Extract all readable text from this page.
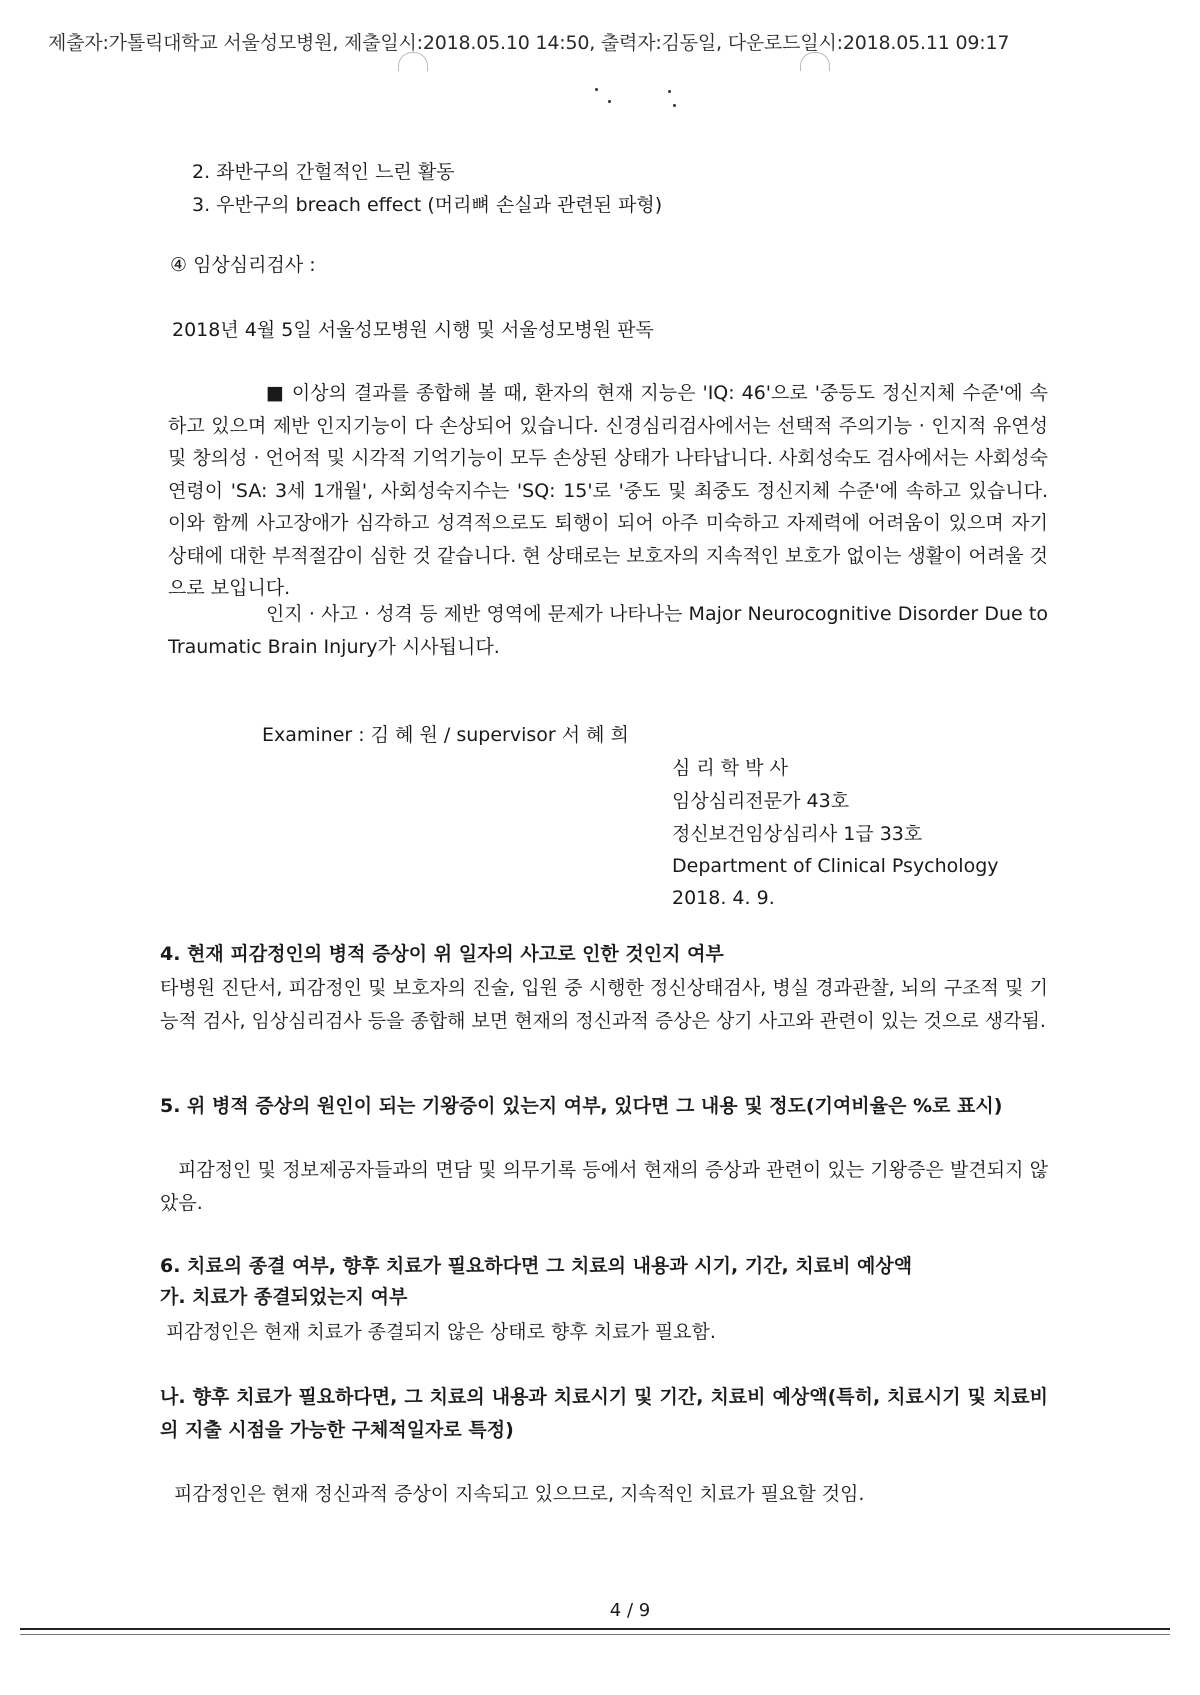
제출자:가톨릭대학교 서울성모병원, 제출일시:2018.05.10 14:50, 출력자:김동일, 다운로드일시:2018.05.11 09:17
2. 좌반구의 간헐적인 느린 활동
3. 우반구의 breach effect (머리뼈 손실과 관련된 파형)
④ 임상심리검사 :
2018년 4월 5일 서울성모병원 시행 및 서울성모병원 판독
■ 이상의 결과를 종합해 볼 때, 환자의 현재 지능은 'IQ: 46'으로 '중등도 정신지체 수준'에 속하고 있으며 제반 인지기능이 다 손상되어 있습니다. 신경심리검사에서는 선택적 주의기능 · 인지적 유연성 및 창의성 · 언어적 및 시각적 기억기능이 모두 손상된 상태가 나타납니다. 사회성숙도 검사에서는 사회성숙연령이 'SA: 3세 1개월', 사회성숙지수는 'SQ: 15'로 '중도 및 최중도 정신지체 수준'에 속하고 있습니다. 이와 함께 사고장애가 심각하고 성격적으로도 퇴행이 되어 아주 미숙하고 자제력에 어려움이 있으며 자기 상태에 대한 부적절감이 심한 것 같습니다. 현 상태로는 보호자의 지속적인 보호가 없이는 생활이 어려울 것으로 보입니다.
인지 · 사고 · 성격 등 제반 영역에 문제가 나타나는 Major Neurocognitive Disorder Due to Traumatic Brain Injury가 시사됩니다.
Examiner : 김 혜 원 / supervisor 서 혜 희
심 리 학 박 사
임상심리전문가 43호
정신보건임상심리사 1급 33호
Department of Clinical Psychology
2018. 4. 9.
4. 현재 피감정인의 병적 증상이 위 일자의 사고로 인한 것인지 여부
타병원 진단서, 피감정인 및 보호자의 진술, 입원 중 시행한 정신상태검사, 병실 경과관찰, 뇌의 구조적 및 기능적 검사, 임상심리검사 등을 종합해 보면 현재의 정신과적 증상은 상기 사고와 관련이 있는 것으로 생각됨.
5. 위 병적 증상의 원인이 되는 기왕증이 있는지 여부, 있다면 그 내용 및 정도(기여비율은 %로 표시)
피감정인 및 정보제공자들과의 면담 및 의무기록 등에서 현재의 증상과 관련이 있는 기왕증은 발견되지 않았음.
6. 치료의 종결 여부, 향후 치료가 필요하다면 그 치료의 내용과 시기, 기간, 치료비 예상액
가. 치료가 종결되었는지 여부
피감정인은 현재 치료가 종결되지 않은 상태로 향후 치료가 필요함.
나. 향후 치료가 필요하다면, 그 치료의 내용과 치료시기 및 기간, 치료비 예상액(특히, 치료시기 및 치료비의 지출 시점을 가능한 구체적일자로 특정)
피감정인은 현재 정신과적 증상이 지속되고 있으므로, 지속적인 치료가 필요할 것임.
4 / 9
